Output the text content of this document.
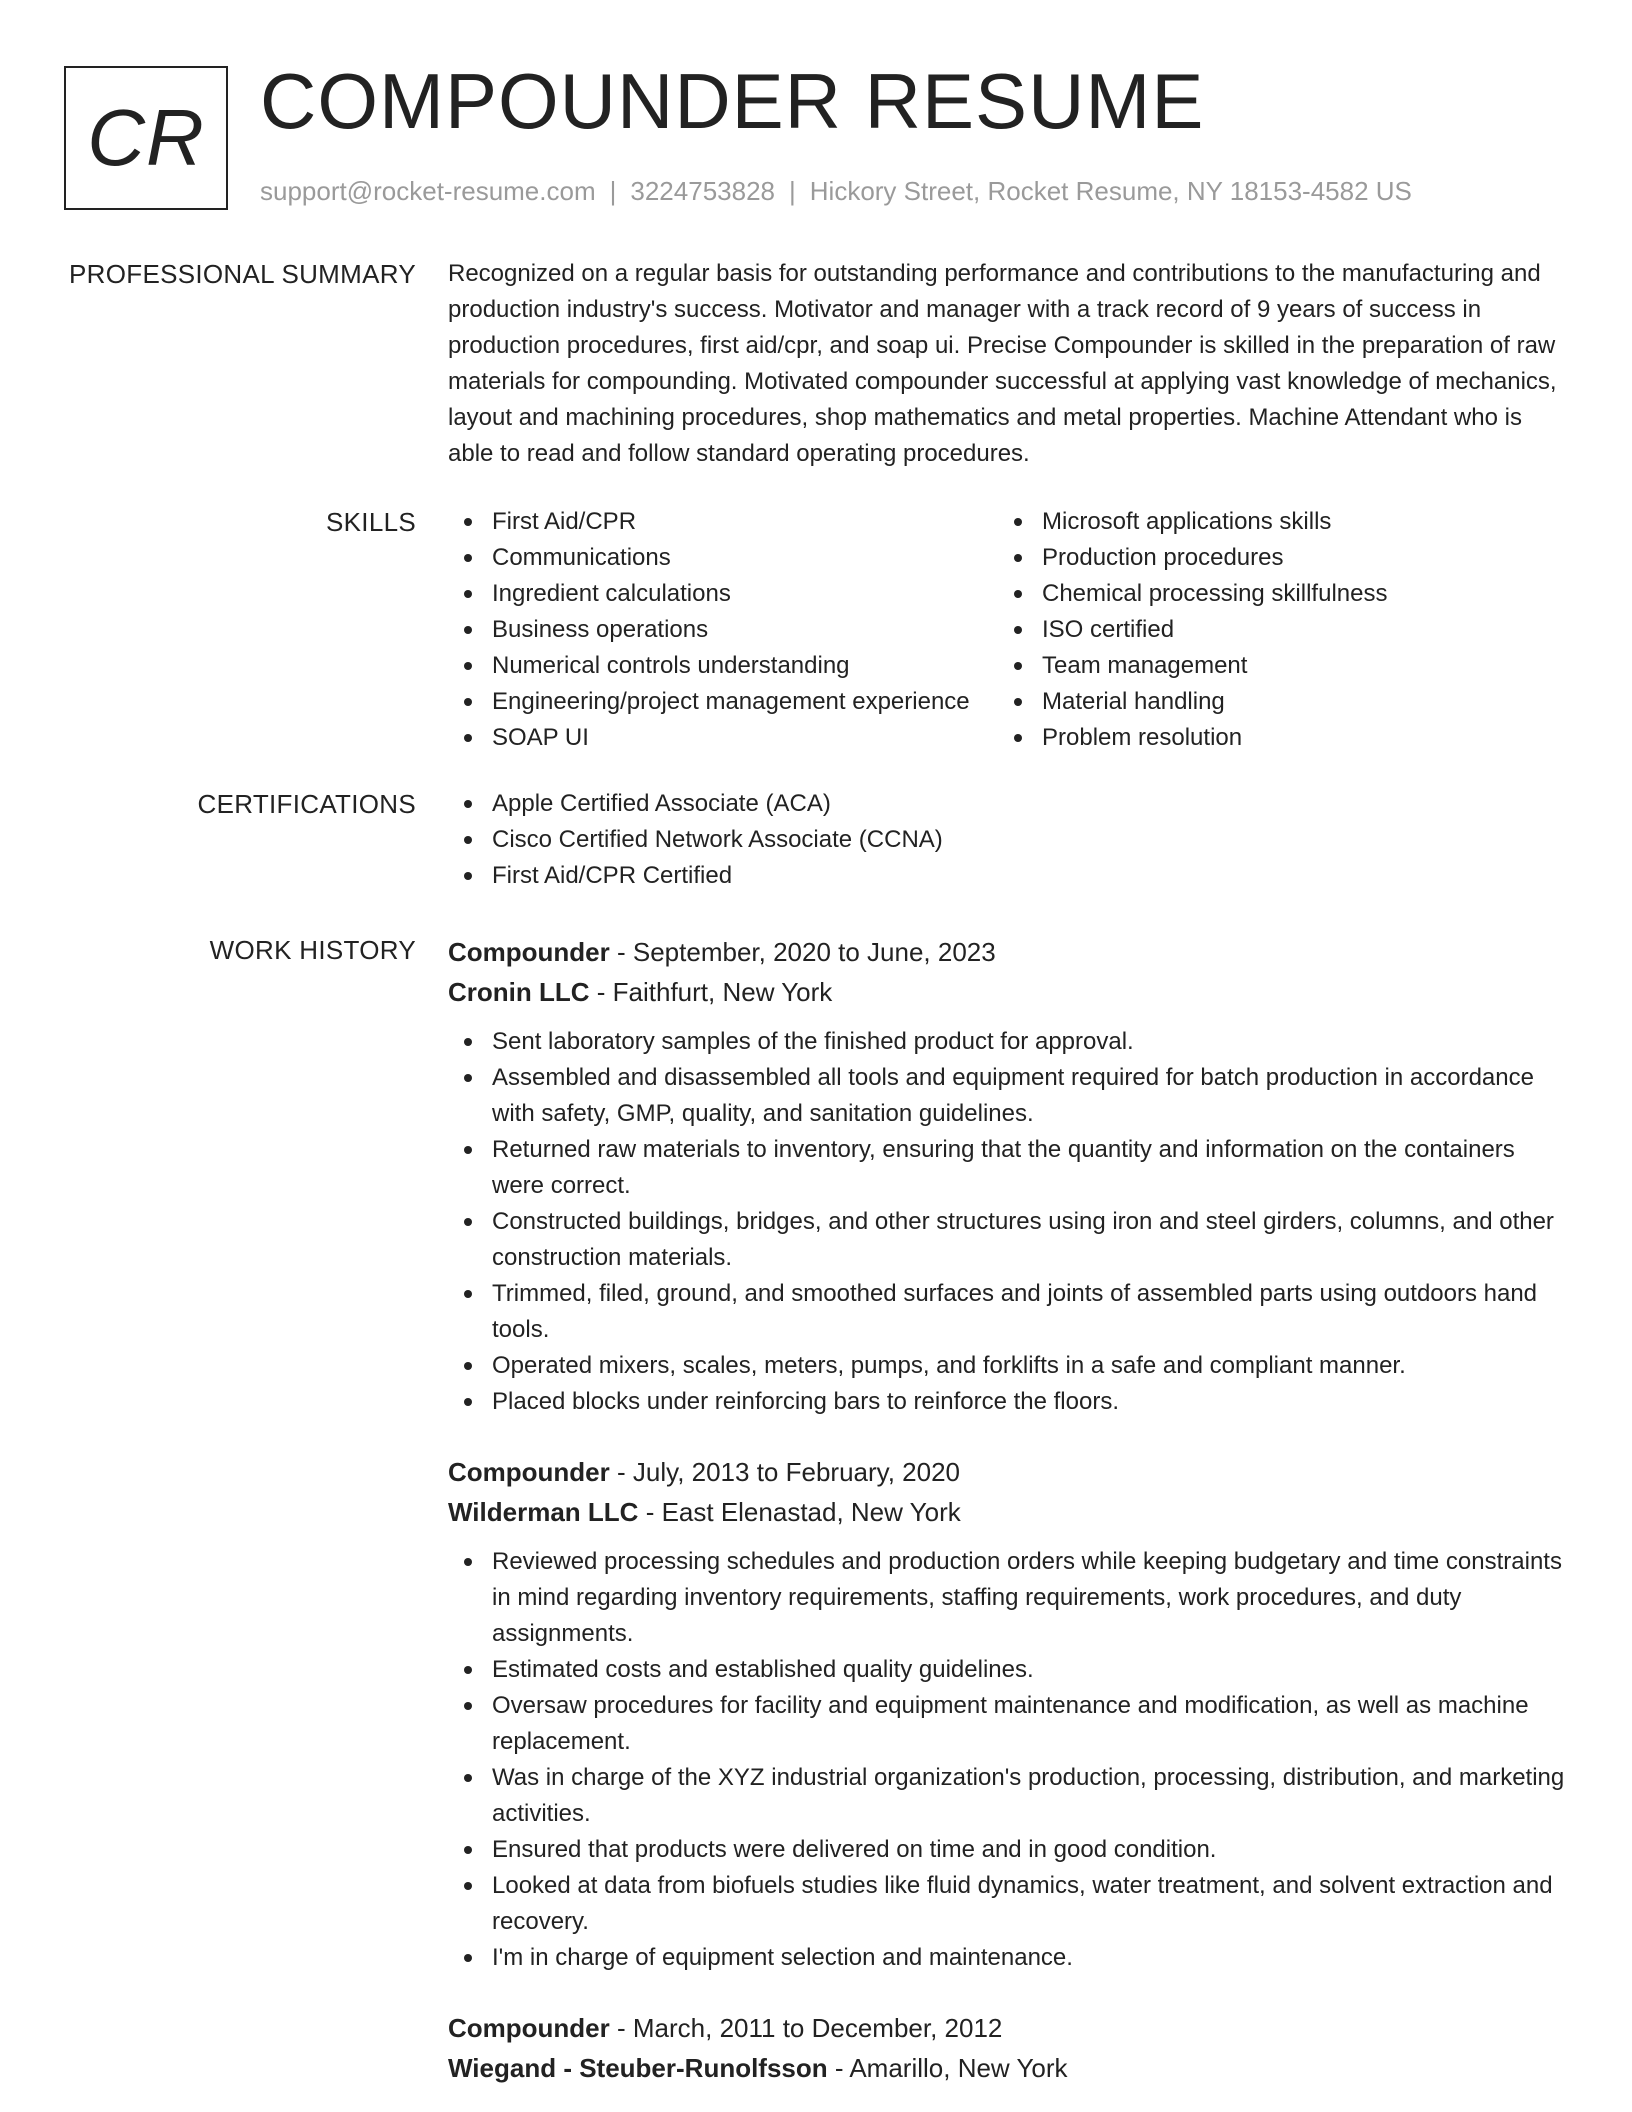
CR COMPOUNDER RESUME
support@rocket-resume.com | 3224753828 | Hickory Street, Rocket Resume, NY 18153-4582 US
PROFESSIONAL SUMMARY Recognized on a regular basis for outstanding performance and contributions to the manufacturing and production industry's success. Motivator and manager with a track record of 9 years of success in production procedures, first aid/cpr, and soap ui. Precise Compounder is skilled in the preparation of raw materials for compounding. Motivated compounder successful at applying vast knowledge of mechanics, layout and machining procedures, shop mathematics and metal properties. Machine Attendant who is able to read and follow standard operating procedures.

SKILLS	First Aid/CPR
Communications
Ingredient calculations
Business operations
Numerical controls understanding
Engineering/project management experience
SOAP UI
Microsoft applications skills
Production procedures
Chemical processing skillfulness
ISO certified
Team management
Material handling
Problem resolution
CERTIFICATIONS	Apple Certified Associate (ACA)
Cisco Certified Network Associate (CCNA)
First Aid/CPR Certified
WORK HISTORY Compounder - September, 2020 to June, 2023
Cronin LLC - Faithfurt, New York
Sent laboratory samples of the finished product for approval.
Assembled and disassembled all tools and equipment required for batch production in accordance with safety, GMP, quality, and sanitation guidelines.
Returned raw materials to inventory, ensuring that the quantity and information on the containers were correct.
Constructed buildings, bridges, and other structures using iron and steel girders, columns, and other construction materials.
Trimmed, filed, ground, and smoothed surfaces and joints of assembled parts using outdoors hand tools.
Operated mixers, scales, meters, pumps, and forklifts in a safe and compliant manner.
Placed blocks under reinforcing bars to reinforce the floors.
Compounder - July, 2013 to February, 2020
Wilderman LLC - East Elenastad, New York
Reviewed processing schedules and production orders while keeping budgetary and time constraints in mind regarding inventory requirements, staffing requirements, work procedures, and duty assignments.
Estimated costs and established quality guidelines.
Oversaw procedures for facility and equipment maintenance and modification, as well as machine replacement.
Was in charge of the XYZ industrial organization's production, processing, distribution, and marketing activities.
Ensured that products were delivered on time and in good condition.
Looked at data from biofuels studies like fluid dynamics, water treatment, and solvent extraction and recovery.
I'm in charge of equipment selection and maintenance.
Compounder - March, 2011 to December, 2012
Wiegand - Steuber-Runolfsson - Amarillo, New York
